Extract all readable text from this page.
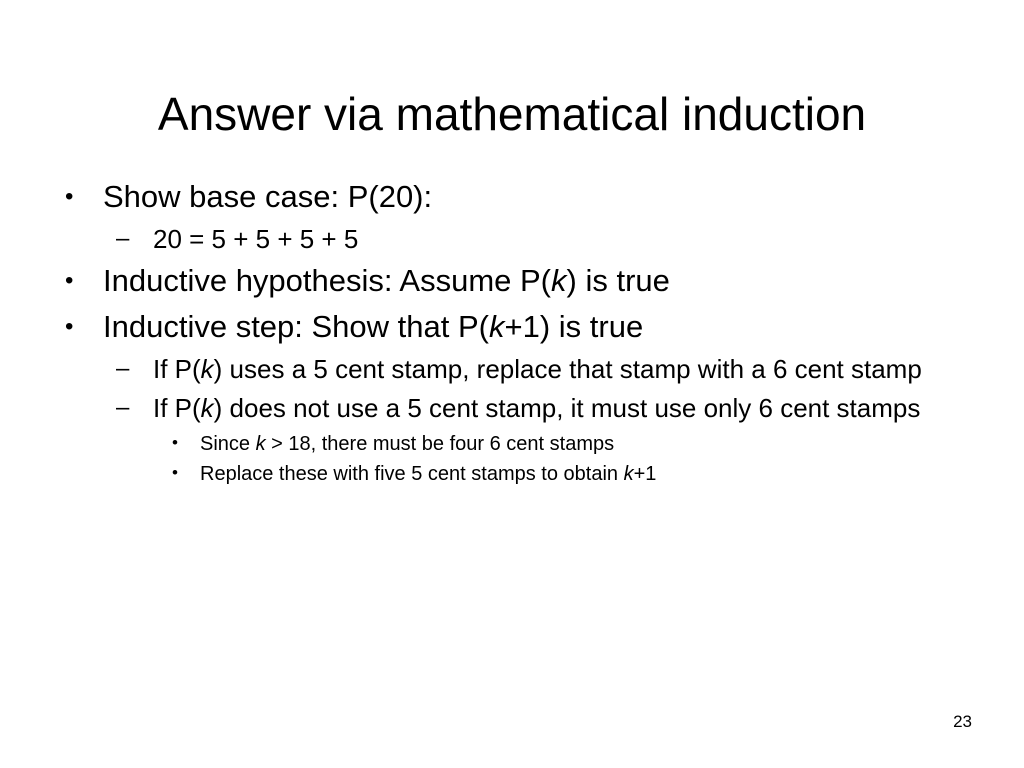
Answer via mathematical induction
• Show base case: P(20):
– 20 = 5 + 5 + 5 + 5
• Inductive hypothesis: Assume P(k) is true
• Inductive step: Show that P(k+1) is true
– If P(k) uses a 5 cent stamp, replace that stamp with a 6 cent stamp
– If P(k) does not use a 5 cent stamp, it must use only 6 cent stamps
• Since k > 18, there must be four 6 cent stamps
• Replace these with five 5 cent stamps to obtain k+1
23
